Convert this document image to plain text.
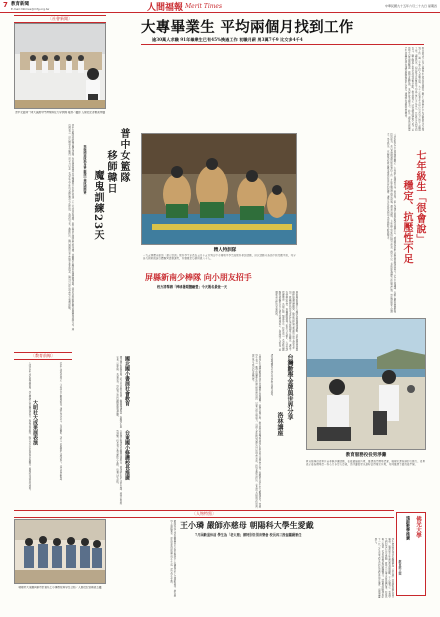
7 教育新聞
E-mail:mtimes@mfg.org.tw	人間福報 Merit Times	中華民國九十五年六月二十九日 星期四
〔社會新聞〕
普中女籃隊一隊大溪國中門神球隊在大學訓練 報道／攝影 人間社記者楊美秀攝
普中女籃隊移師韓日魔鬼訓練，利用暑假期間前往韓國與日本進行長達二十三天的移地訓練，與當地高中球隊進行熱身賽，並觀摩中華隊參加國際邀請賽，學習先進的戰術觀念與體能訓練方式。球員們表示，這次機會非常難得，將全力以赴，希望在下學年的全國比賽中爭取佳績，為學校爭光。教練指出，韓日兩國的女子籃球水準都很高，球員可以從中學習許多寶貴經驗。	普中女籃隊
移師韓日
魔鬼訓練23天
與韓國球隊熱身賽 觀摩中華隊國際賽
〔教育前線〕
大明社大成果展表演
大明社區大學舉辦成果展，學員們精心準備表演節目，現場氣氛熱烈，吸引許多社區居民前來觀賞，展現終身學習的成果。	社區大學校長表示，今年學員人數創新高，課程內容多元，包括藝術、語言、電腦與生活技能等，深受民眾歡迎。	國北國小書展社會教育
國北國小舉辦書展，結合社會教育資源，推廣閱讀風氣，鼓勵學生與家長一同參與，共享書香。學校表示將持續推動閱讀活動。
台東國小修護校長推廣
台東國小修護校長推廣品德教育，帶領師生從生活中實踐，獲得家長熱烈迴響。校長表示教育應從小紮根，培養良好品格。
大專畢業生 平均兩個月找到工作
逾30萬人求職 91年畢業生已有45%換過工作 初職月薪 男3萬7千9 比女多4千4
教育部今天公布大專畢業生就業狀況調查，顯示大專畢業生平均約兩個月可以找到工作，逾三十萬人投入求職市場，九十一年畢業生當中已有百分之四十五換過工作。調查指出，初次就業月薪男性平均為三萬七千九百元，比女性多出四千四百元，顯示職場上仍存在性別薪資差距。教育部表示，將持續加強產學合作，協助學生提早規劃職涯，縮短求職時間，並提升就業競爭力。此外，調查也發現畢業生普遍認為學校課程與職場需求有落差，建議學校增加實習機會。
精人特訓隊
一九五隊體育館的「超人特訓」報名學生家長在五月十五日到台中市城明中學完成報名參加活動，這次活動分為高中組及國中組，共分為九個班級進行體驗營活動課程，名額限定每個班級八十人。
屏縣新南少棒隊 向小朋友招手
校方將舉辦「棒球暑期體驗營」今天報名最後一天
屏東縣新南國小少棒隊為推廣棒球運動，將於暑假期間舉辦棒球暑期體驗營，歡迎對棒球有興趣的小朋友報名參加。教練團將指導基本投打技巧與團隊合作觀念，讓孩子在快樂中學習，培養運動精神。報名今天截止，有意者請把握機會，名額有限，額滿為止。校長表示，希望藉由體驗營發掘更多具有潛力的棒球好手，為校隊注入新血，延續新南少棒的光榮傳統。
台灣學生在國際數學奧林匹亞競賽中表現優異，榮獲多面金牌，教育部特別邀請得獎學生與各界分享學習心得，鼓勵更多學生投入數理研究。得獎學生表示，數學的樂趣在於解決問題的過程，只要有恆心與毅力，每個人都能找到屬於自己的學習方法。指導老師也指出，家長的支持與學校的資源是學生成功的重要因素。	台灣數學金牌與世界分享
洛林講座
講座邀請國內外學者分享教育研究成果。
一項針對企業主管的調查顯示，七年級生表達能力佳、很會說，但工作穩定度與抗壓性普遍不足，成為職場新鮮人最需要加強的部分。企業主管建議，年輕人應培養面對挫折的能力，並以長期規劃的態度看待工作，才能在職場中穩定發展。調查也發現，七年級生對新科技接受度高，創意十足，若能加強團隊合作與責任感，將能發揮更大的潛力。學者指出，家庭與學校教育應重視挫折容忍度的培養，讓學生在成長過程中學習面對失敗與壓力。	七年級生「很會說」
穩定、抗壓性不足
教育服務役役男淨灘
教育服務役役男日前參與淨灘活動，在海邊撿拾垃圾，維護海岸環境清潔，展現愛護地球的行動力。役男表示能為環境盡一份心力非常有意義，也呼籲民眾出遊時記得帶走垃圾，共同維護美麗的海岸線。
〔人物特寫〕
朝陽科大景觀與都市計畫系王小璘教授與學生合照／人間社記者陳美玉攝
王小璘 嚴師亦慈母 朝陽科大學生愛戴
7月屆齡退休前 學生為「老太婆」辦特別告別音樂會 校長再三挽留繼續兼任
朝陽科技大學景觀與都市計畫系教授王小璘即將於七月屆齡退休，她在教學上嚴格要求，卻也如慈母般關心學生生活，深受學生愛戴。	學生們特別為這位被暱稱為「老太婆」的老師舉辦告別音樂會，感謝她多年來的教誨與照顧。王小璘表示，看到學生們的用心非常感動，教學是一輩子最快樂的事。校長也再三挽留，希望她退休後能繼續兼任，將寶貴經驗傳承給下一代。許多畢業校友也特地返校參加音樂會，場面溫馨感人。
佛光大學
遠距教學推廣
教育部立案
